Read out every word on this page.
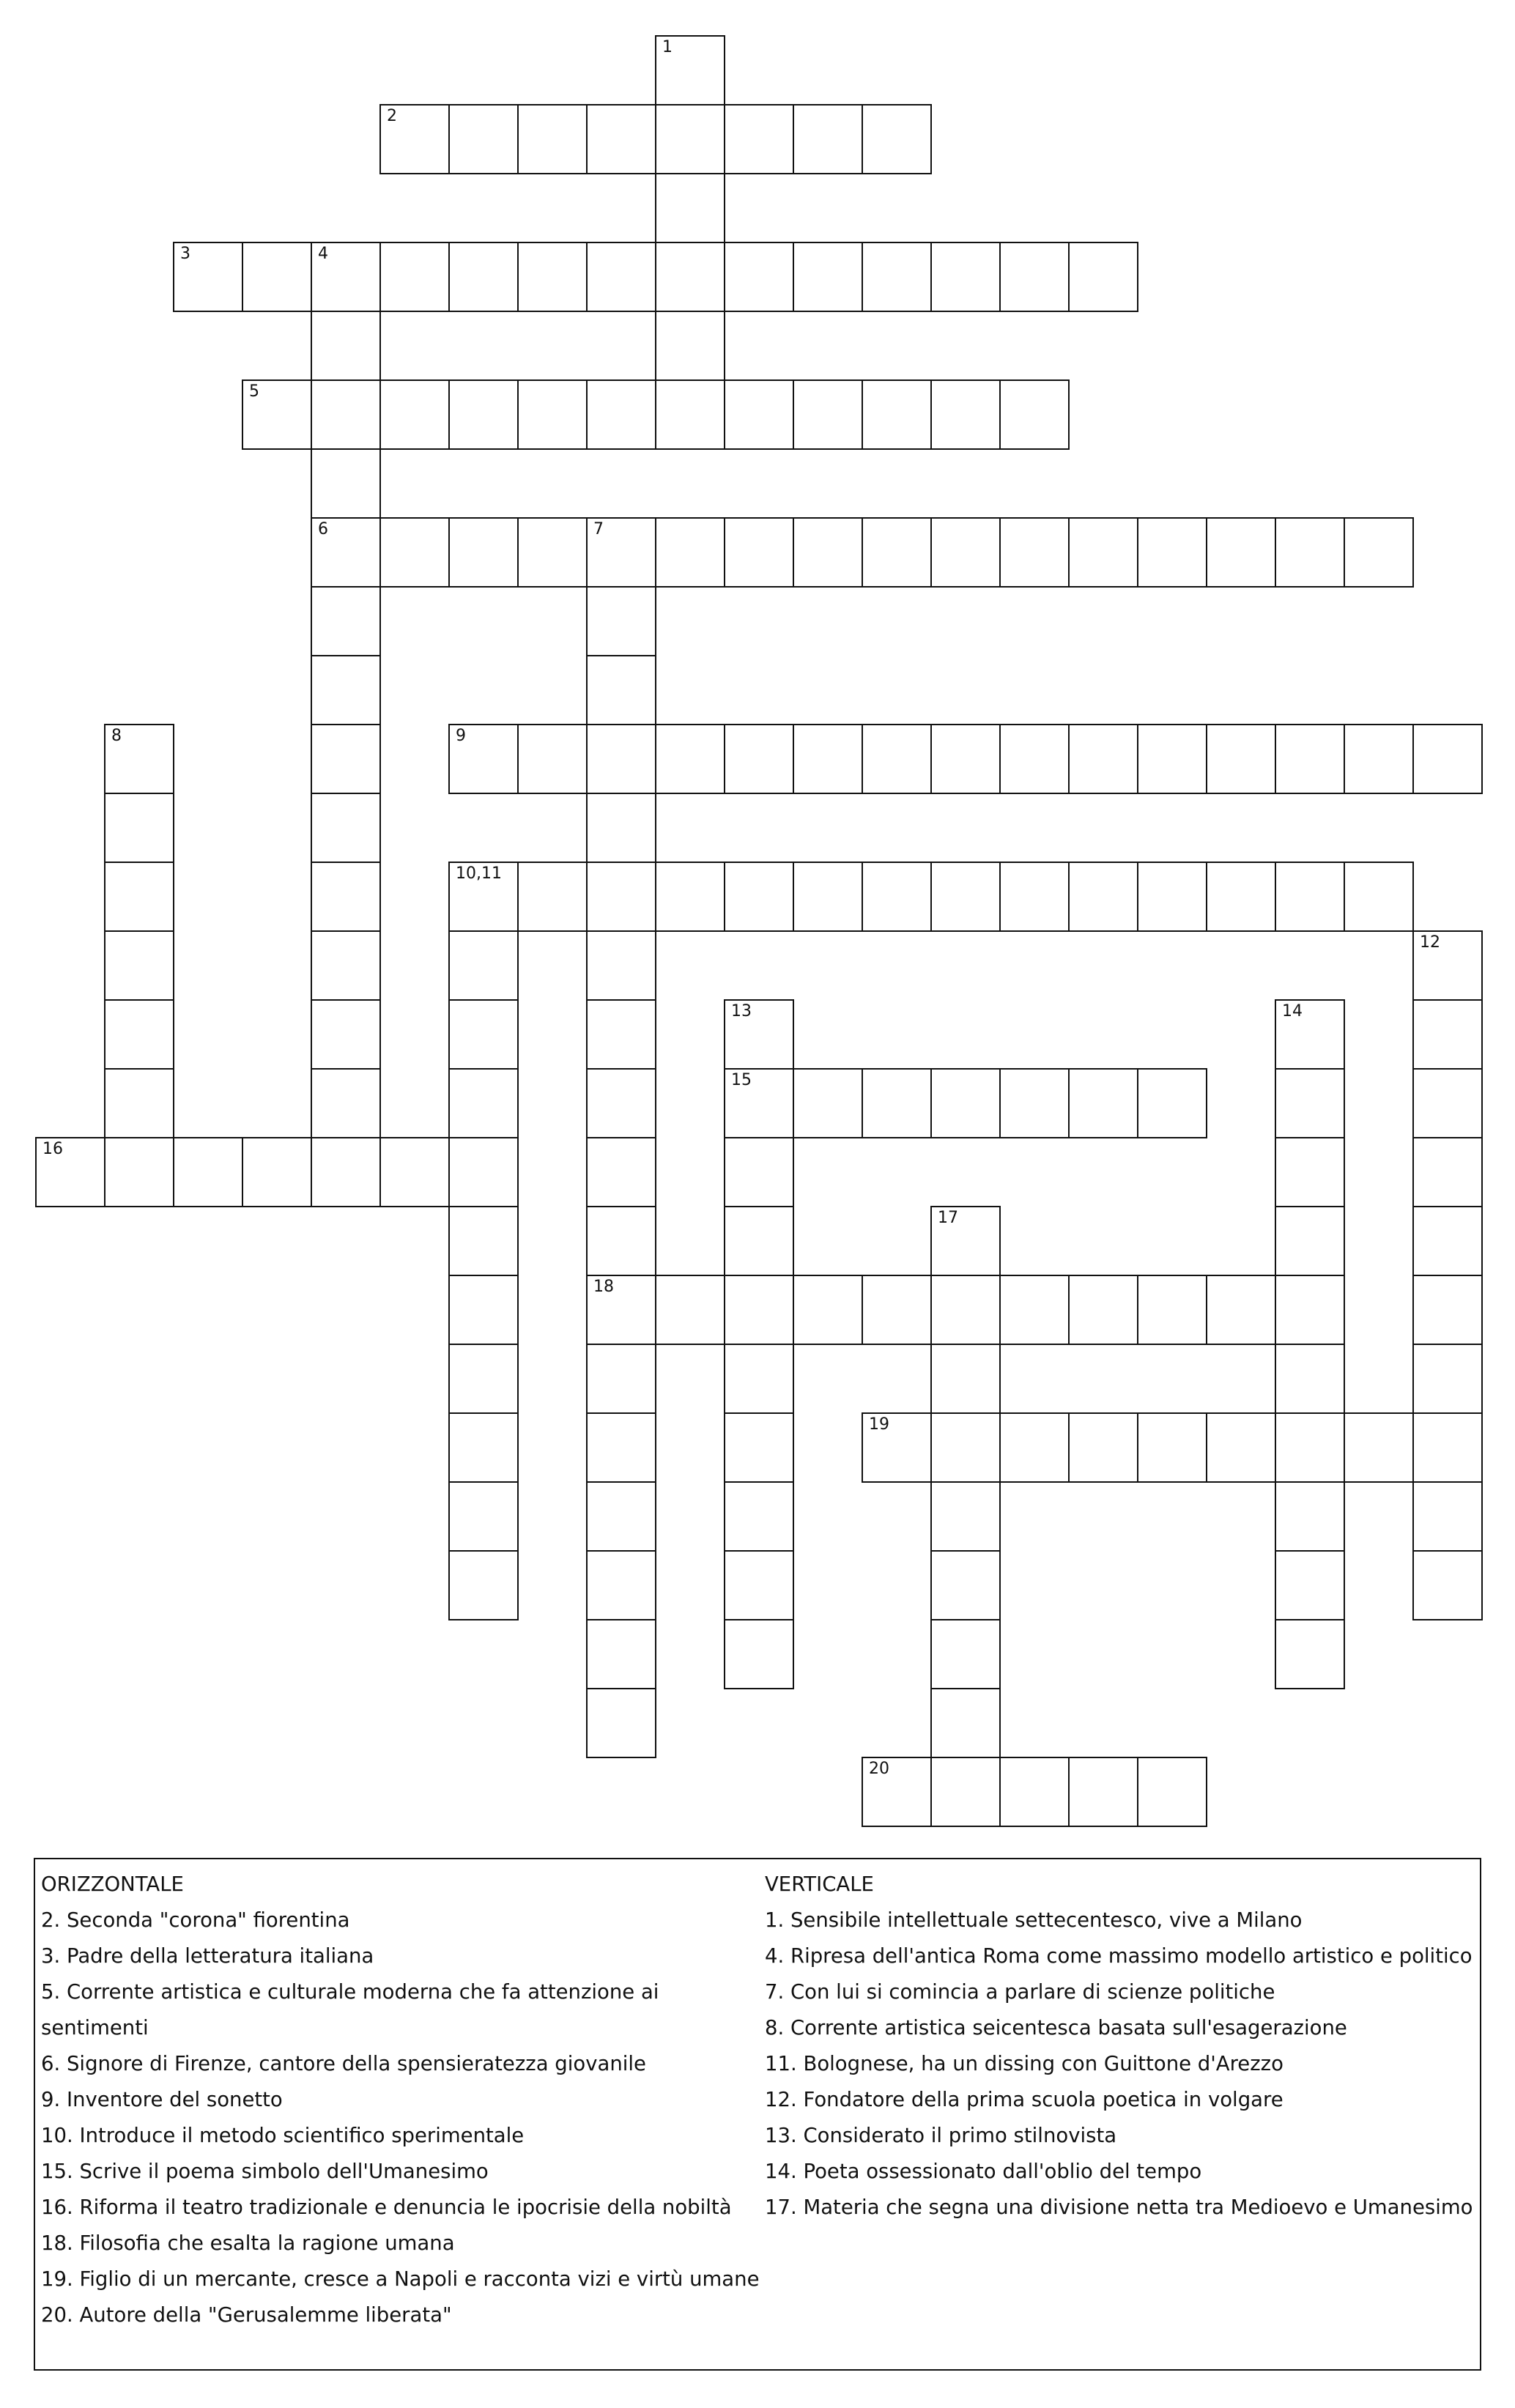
1
2
3	4
6
5
7
18
8	9
10,11
12
13
15
14
16
17
19
20
ORIZZONTALE
2. Seconda "corona" fiorentina
3. Padre della letteratura italiana
5. Corrente artistica e culturale moderna che fa attenzione ai
sentimenti
6. Signore di Firenze, cantore della spensieratezza giovanile
9. Inventore del sonetto
10. Introduce il metodo scientifico sperimentale
15. Scrive il poema simbolo dell'Umanesimo
16. Riforma il teatro tradizionale e denuncia le ipocrisie della nobiltà
18. Filosofia che esalta la ragione umana
19. Figlio di un mercante, cresce a Napoli e racconta vizi e virtù umane
20. Autore della "Gerusalemme liberata"
VERTICALE
1. Sensibile intellettuale settecentesco, vive a Milano
4. Ripresa dell'antica Roma come massimo modello artistico e politico
7. Con lui si comincia a parlare di scienze politiche
8. Corrente artistica seicentesca basata sull'esagerazione
11. Bolognese, ha un dissing con Guittone d'Arezzo
12. Fondatore della prima scuola poetica in volgare
13. Considerato il primo stilnovista
14. Poeta ossessionato dall'oblio del tempo
17. Materia che segna una divisione netta tra Medioevo e Umanesimo
